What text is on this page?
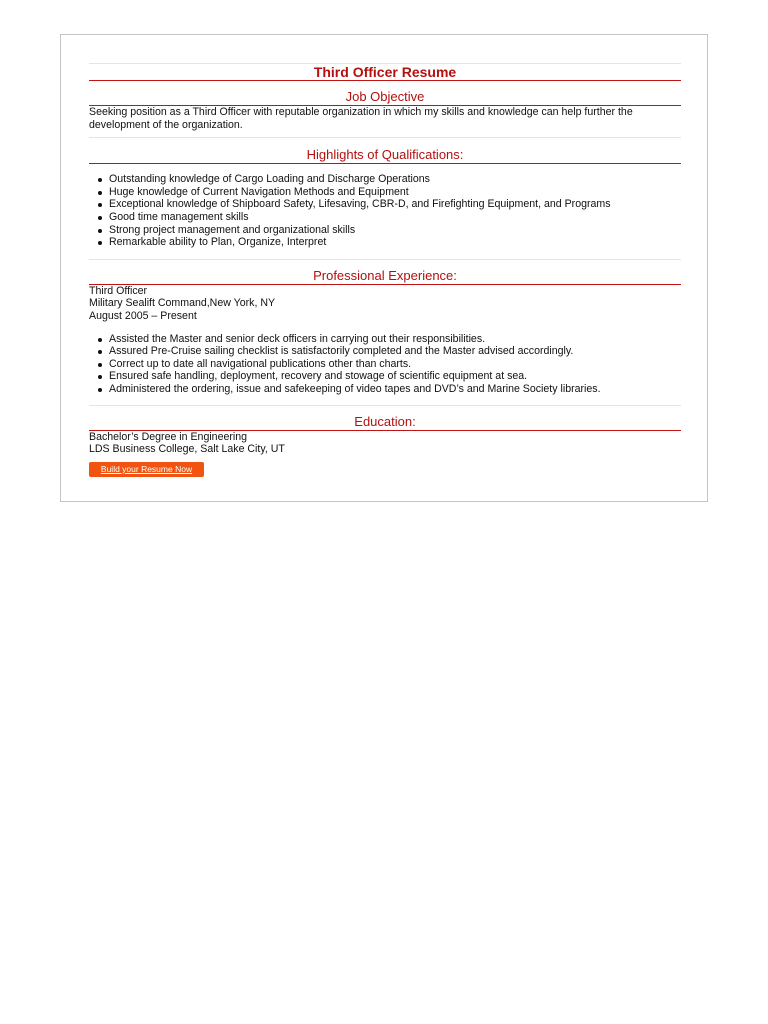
Third Officer Resume
Job Objective
Seeking position as a Third Officer with reputable organization in which my skills and knowledge can help further the development of the organization.
Highlights of Qualifications:
Outstanding knowledge of Cargo Loading and Discharge Operations
Huge knowledge of Current Navigation Methods and Equipment
Exceptional knowledge of Shipboard Safety, Lifesaving, CBR-D, and Firefighting Equipment, and Programs
Good time management skills
Strong project management and organizational skills
Remarkable ability to Plan, Organize, Interpret
Professional Experience:
Third Officer
Military Sealift Command,New York, NY
August 2005 – Present
Assisted the Master and senior deck officers in carrying out their responsibilities.
Assured Pre-Cruise sailing checklist is satisfactorily completed and the Master advised accordingly.
Correct up to date all navigational publications other than charts.
Ensured safe handling, deployment, recovery and stowage of scientific equipment at sea.
Administered the ordering, issue and safekeeping of video tapes and DVD’s and Marine Society libraries.
Education:
Bachelor’s Degree in Engineering
LDS Business College, Salt Lake City, UT
Build your Resume Now
